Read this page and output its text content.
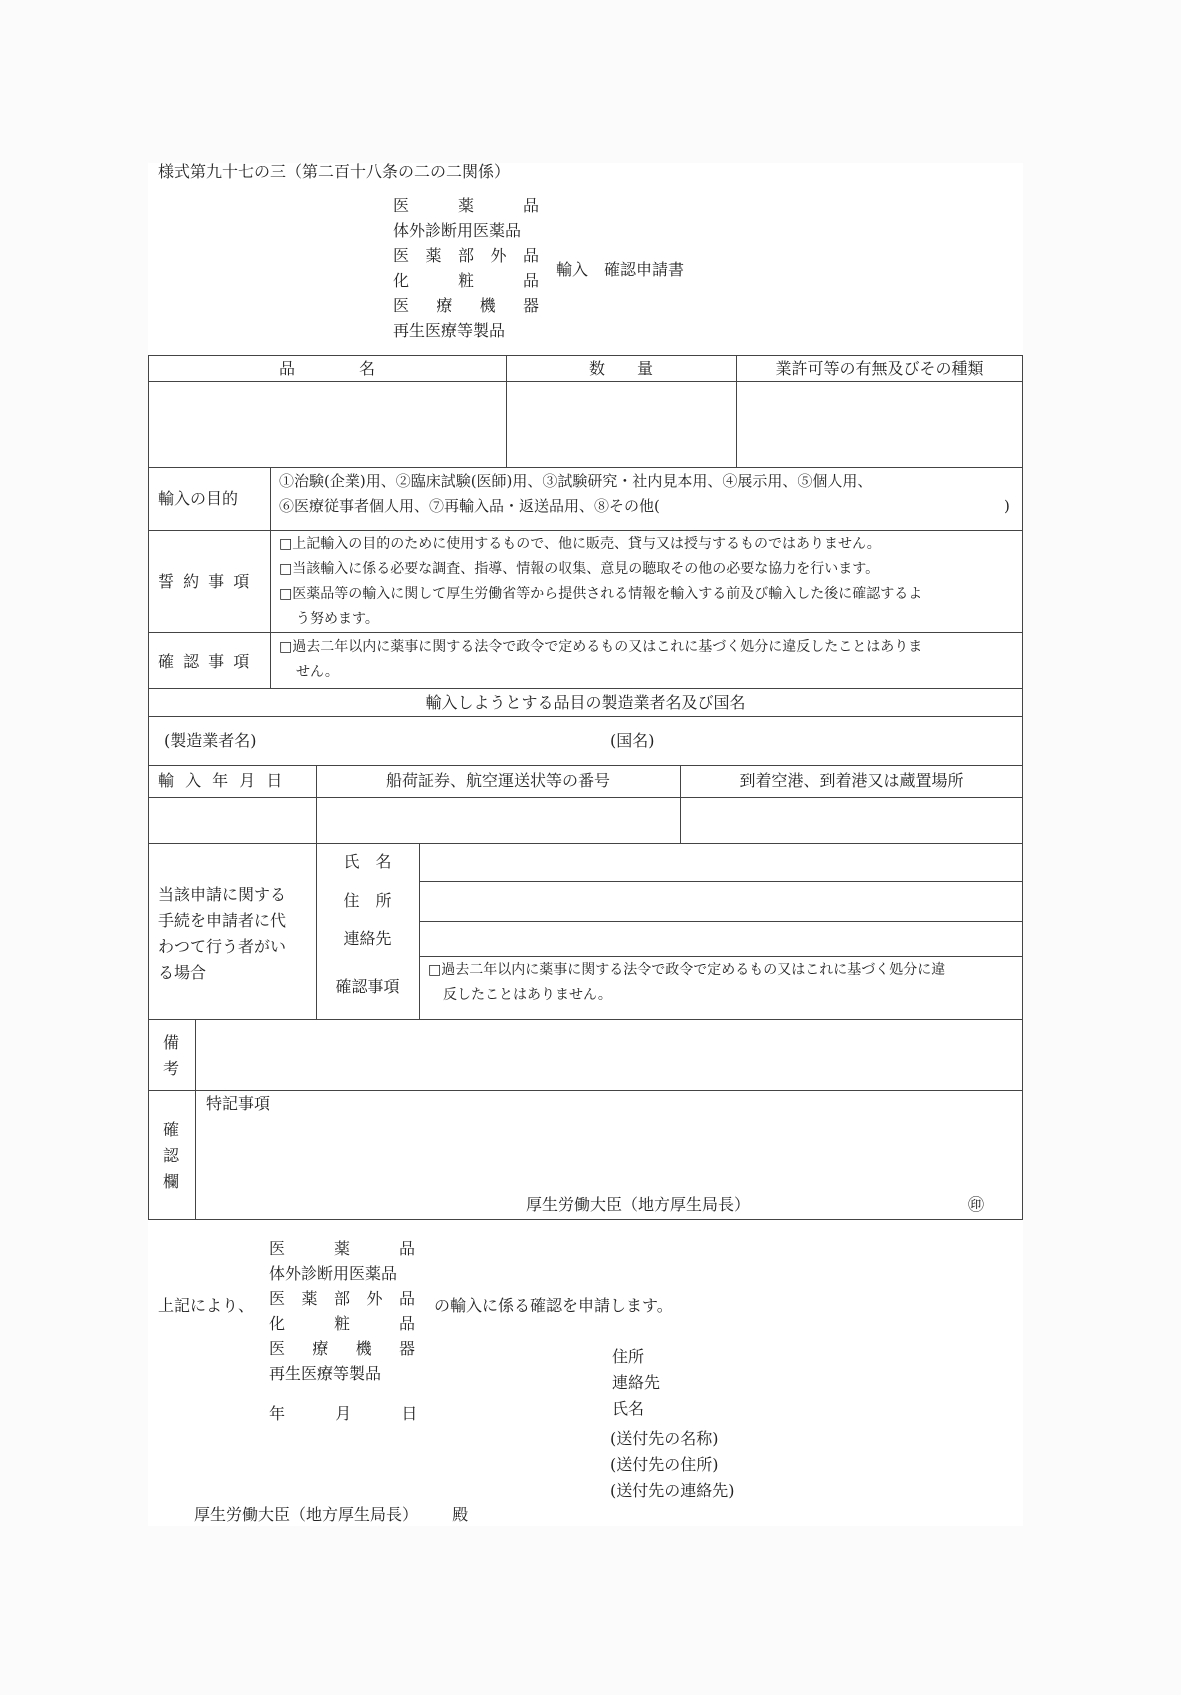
様式第九十七の三（第二百十八条の二の二関係）
医	薬	品
体外診断用医薬品
医 薬 部 外 品
化	粧	品
医 療 機 器
再生医療等製品
輸入　確認申請書
品　　　　名	数　　量	業許可等の有無及びその種類
輸入の目的
①治験(企業)用、②臨床試験(医師)用、③試験研究・社内見本用、④展示用、⑤個人用、
⑥医療従事者個人用、⑦再輸入品・返送品用、⑧その他(	)
誓 約 事 項
□上記輸入の目的のために使用するもので、他に販売、貸与又は授与するものではありません。
□当該輸入に係る必要な調査、指導、情報の収集、意見の聴取その他の必要な協力を行います。
□医薬品等の輸入に関して厚生労働省等から提供される情報を輸入する前及び輸入した後に確認するよ
う努めます。
確 認 事 項
□過去二年以内に薬事に関する法令で政令で定めるもの又はこれに基づく処分に違反したことはありま
せん。
輸入しようとする品目の製造業者名及び国名
(製造業者名)	(国名)
輸 入 年 月 日	船荷証券、航空運送状等の番号	到着空港、到着港又は蔵置場所
当該申請に関する
手続を申請者に代
わつて行う者がい
る場合
氏　名
住　所
連絡先
確認事項
□過去二年以内に薬事に関する法令で政令で定めるもの又はこれに基づく処分に違
反したことはありません。
備
考
確
認
欄
特記事項
厚生労働大臣（地方厚生局長）	㊞
上記により、
医	薬	品
体外診断用医薬品
医 薬 部 外 品
化	粧	品
医 療 機 器
再生医療等製品
の輸入に係る確認を申請します。
年	月	日
住所
連絡先
氏名
(送付先の名称)
(送付先の住所)
(送付先の連絡先)
厚生労働大臣（地方厚生局長） 殿
